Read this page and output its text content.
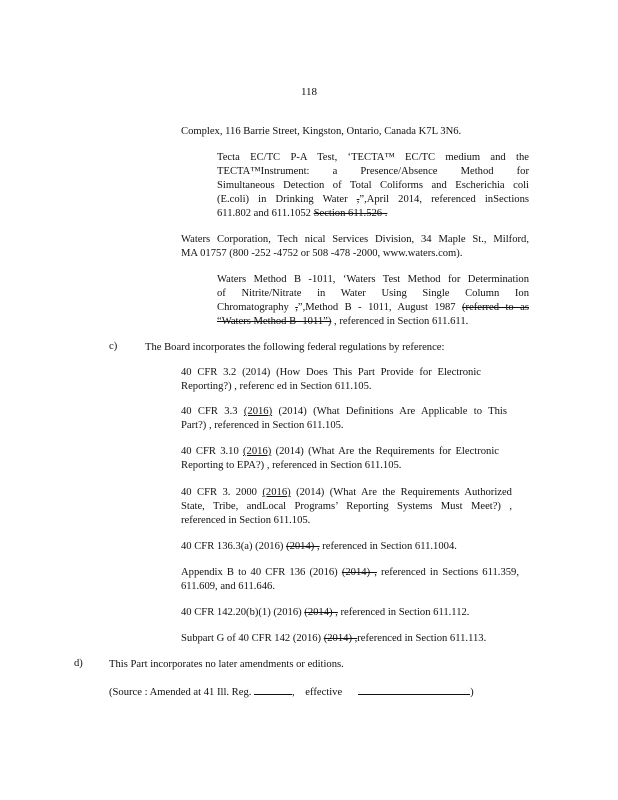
118
Complex, 116 Barrie Street, Kingston, Ontario, Canada K7L 3N6.
Tecta EC/TC P-A Test, ‘TECTA™ EC/TC medium and the
TECTA™Instrument: a Presence/Absence Method for
Simultaneous Detection of Total Coliforms and Escherichia coli
(E.coli) in Drinking Water ,”,April 2014, referenced inSections
611.802 and 611.1052 Section 611.526 .
Waters Corporation, Tech nical Services Division, 34 Maple St., Milford,
MA 01757 (800 -252 -4752 or 508 -478 -2000, www.waters.com).
Waters Method B -1011, ‘Waters Test Method for Determination
of Nitrite/Nitrate in Water Using Single Column Ion
Chromatography ,”,Method B - 1011, August 1987 (referred to as
“Waters Method B -1011”) , referenced in Section 611.611.
c)	The Board incorporates the following federal regulations by reference:
40 CFR 3.2 (2014) (How Does This Part Provide for Electronic
Reporting?) , referenc ed in Section 611.105.
40 CFR 3.3 (2016) (2014) (What Definitions Are Applicable to This
Part?) , referenced in Section 611.105.
40 CFR 3.10 (2016) (2014) (What Are the Requirements for Electronic
Reporting to EPA?) , referenced in Section 611.105.
40 CFR 3. 2000 (2016) (2014) (What Are the Requirements Authorized
State, Tribe, andLocal Programs’ Reporting Systems Must Meet?) ,
referenced in Section 611.105.
40 CFR 136.3(a) (2016) (2014) , referenced in Section 611.1004.
Appendix B to 40 CFR 136 (2016) (2014) , referenced in Sections 611.359,
611.609, and 611.646.
40 CFR 142.20(b)(1) (2016) (2014) , referenced in Section 611.112.
Subpart G of 40 CFR 142 (2016) (2014) ,referenced in Section 611.113.
d) This Part incorporates no later amendments or editions.
(Source : Amended at 41 Ill. Reg.	,    effective	)
